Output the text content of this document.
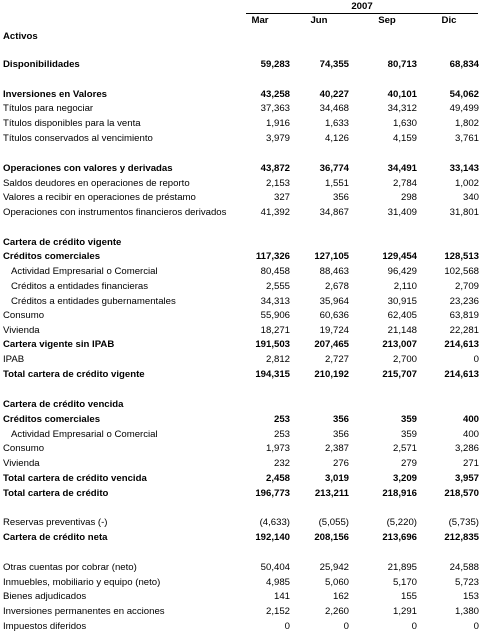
2007
Mar	Jun	Sep	Dic
Activos
Disponibilidades	59,283	74,355	80,713	68,834
Inversiones en Valores	43,258	40,227	40,101	54,062
Títulos para negociar	37,363	34,468	34,312	49,499
Títulos disponibles para la venta	1,916	1,633	1,630	1,802
Títulos conservados al vencimiento	3,979	4,126	4,159	3,761
Operaciones con valores y derivadas	43,872	36,774	34,491	33,143
Saldos deudores en operaciones de reporto	2,153	1,551	2,784	1,002
Valores a recibir en operaciones de préstamo	327	356	298	340
Operaciones con instrumentos financieros derivados	41,392	34,867	31,409	31,801
Cartera de crédito vigente
Créditos comerciales	117,326	127,105	129,454	128,513
Actividad Empresarial o Comercial	80,458	88,463	96,429	102,568
Créditos a entidades financieras	2,555	2,678	2,110	2,709
Créditos a entidades gubernamentales	34,313	35,964	30,915	23,236
Consumo	55,906	60,636	62,405	63,819
Vivienda	18,271	19,724	21,148	22,281
Cartera vigente sin IPAB	191,503	207,465	213,007	214,613
IPAB	2,812	2,727	2,700	0
Total cartera de crédito vigente	194,315	210,192	215,707	214,613
Cartera de crédito vencida
Créditos comerciales	253	356	359	400
Actividad Empresarial o Comercial	253	356	359	400
Consumo	1,973	2,387	2,571	3,286
Vivienda	232	276	279	271
Total cartera de crédito vencida	2,458	3,019	3,209	3,957
Total cartera de crédito	196,773	213,211	218,916	218,570
Reservas preventivas (-)	(4,633)	(5,055)	(5,220)	(5,735)
Cartera de crédito neta	192,140	208,156	213,696	212,835
Otras cuentas por cobrar (neto)	50,404	25,942	21,895	24,588
Inmuebles, mobiliario y equipo (neto)	4,985	5,060	5,170	5,723
Bienes adjudicados	141	162	155	153
Inversiones permanentes en acciones	2,152	2,260	1,291	1,380
Impuestos diferidos	0	0	0	0
